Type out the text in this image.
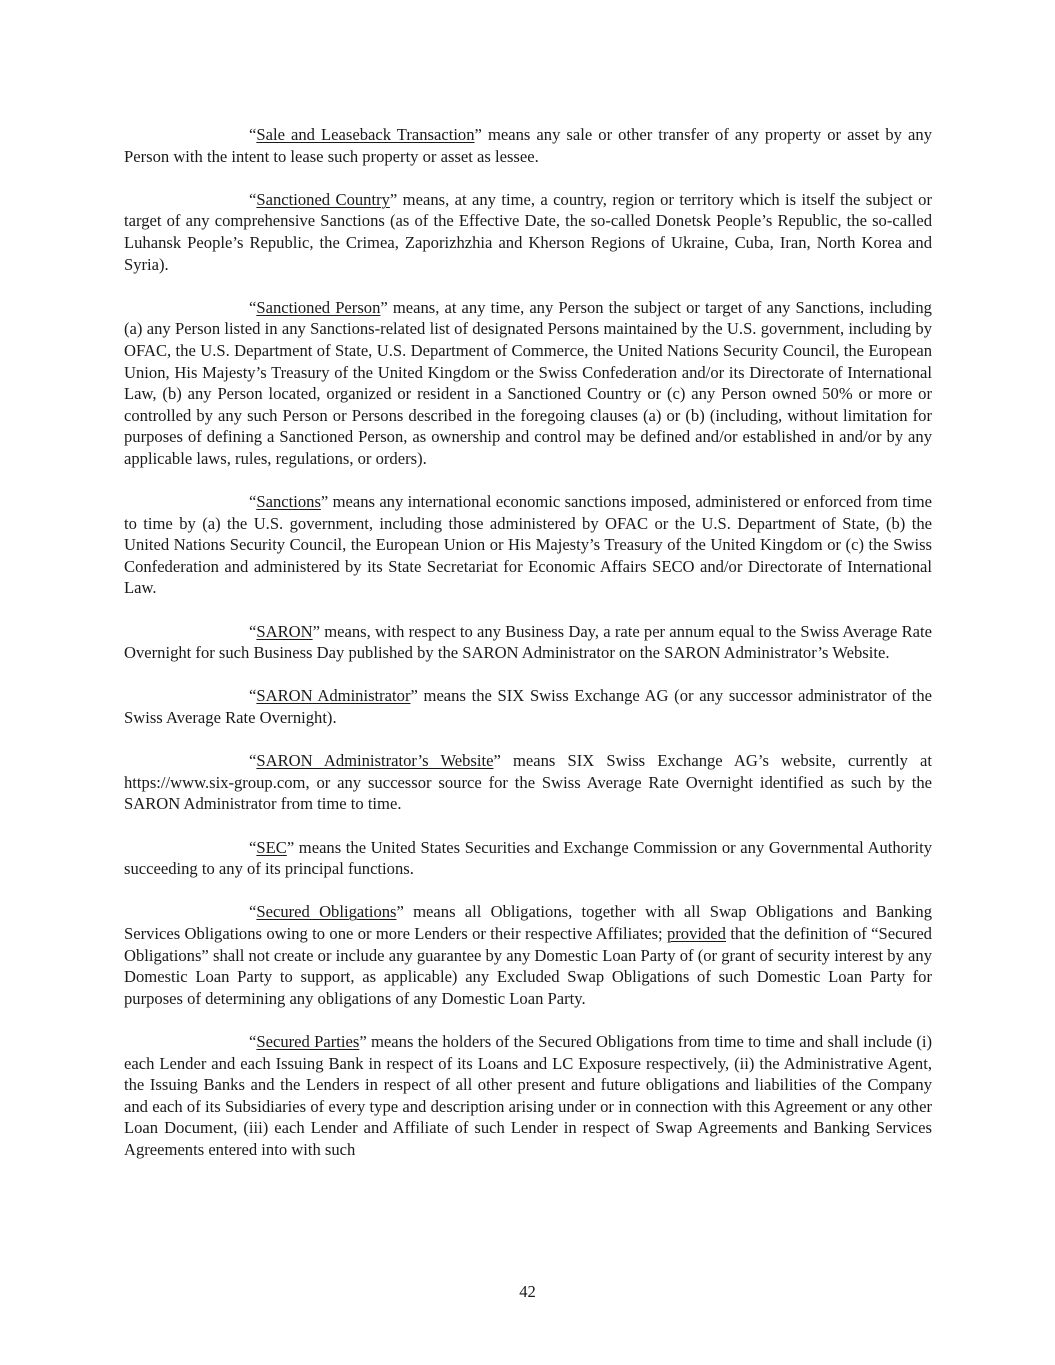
“Sale and Leaseback Transaction” means any sale or other transfer of any property or asset by any Person with the intent to lease such property or asset as lessee.

“Sanctioned Country” means, at any time, a country, region or territory which is itself the subject or target of any comprehensive Sanctions (as of the Effective Date, the so-called Donetsk People’s Republic, the so-called Luhansk People’s Republic, the Crimea, Zaporizhzhia and Kherson Regions of Ukraine, Cuba, Iran, North Korea and Syria).

“Sanctioned Person” means, at any time, any Person the subject or target of any Sanctions, including (a) any Person listed in any Sanctions-related list of designated Persons maintained by the U.S. government, including by OFAC, the U.S. Department of State, U.S. Department of Commerce, the United Nations Security Council, the European Union, His Majesty’s Treasury of the United Kingdom or the Swiss Confederation and/or its Directorate of International Law, (b) any Person located, organized or resident in a Sanctioned Country or (c) any Person owned 50% or more or controlled by any such Person or Persons described in the foregoing clauses (a) or (b) (including, without limitation for purposes of defining a Sanctioned Person, as ownership and control may be defined and/or established in and/or by any applicable laws, rules, regulations, or orders).

“Sanctions” means any international economic sanctions imposed, administered or enforced from time to time by (a) the U.S. government, including those administered by OFAC or the U.S. Department of State, (b) the United Nations Security Council, the European Union or His Majesty’s Treasury of the United Kingdom or (c) the Swiss Confederation and administered by its State Secretariat for Economic Affairs SECO and/or Directorate of International Law.

“SARON” means, with respect to any Business Day, a rate per annum equal to the Swiss Average Rate Overnight for such Business Day published by the SARON Administrator on the SARON Administrator’s Website.

“SARON Administrator” means the SIX Swiss Exchange AG (or any successor administrator of the Swiss Average Rate Overnight).

“SARON Administrator’s Website” means SIX Swiss Exchange AG’s website, currently at https://www.six-group.com, or any successor source for the Swiss Average Rate Overnight identified as such by the SARON Administrator from time to time.

“SEC” means the United States Securities and Exchange Commission or any Governmental Authority succeeding to any of its principal functions.

“Secured Obligations” means all Obligations, together with all Swap Obligations and Banking Services Obligations owing to one or more Lenders or their respective Affiliates; provided that the definition of “Secured Obligations” shall not create or include any guarantee by any Domestic Loan Party of (or grant of security interest by any Domestic Loan Party to support, as applicable) any Excluded Swap Obligations of such Domestic Loan Party for purposes of determining any obligations of any Domestic Loan Party.

“Secured Parties” means the holders of the Secured Obligations from time to time and shall include (i) each Lender and each Issuing Bank in respect of its Loans and LC Exposure respectively, (ii) the Administrative Agent, the Issuing Banks and the Lenders in respect of all other present and future obligations and liabilities of the Company and each of its Subsidiaries of every type and description arising under or in connection with this Agreement or any other Loan Document, (iii) each Lender and Affiliate of such Lender in respect of Swap Agreements and Banking Services Agreements entered into with such

42
